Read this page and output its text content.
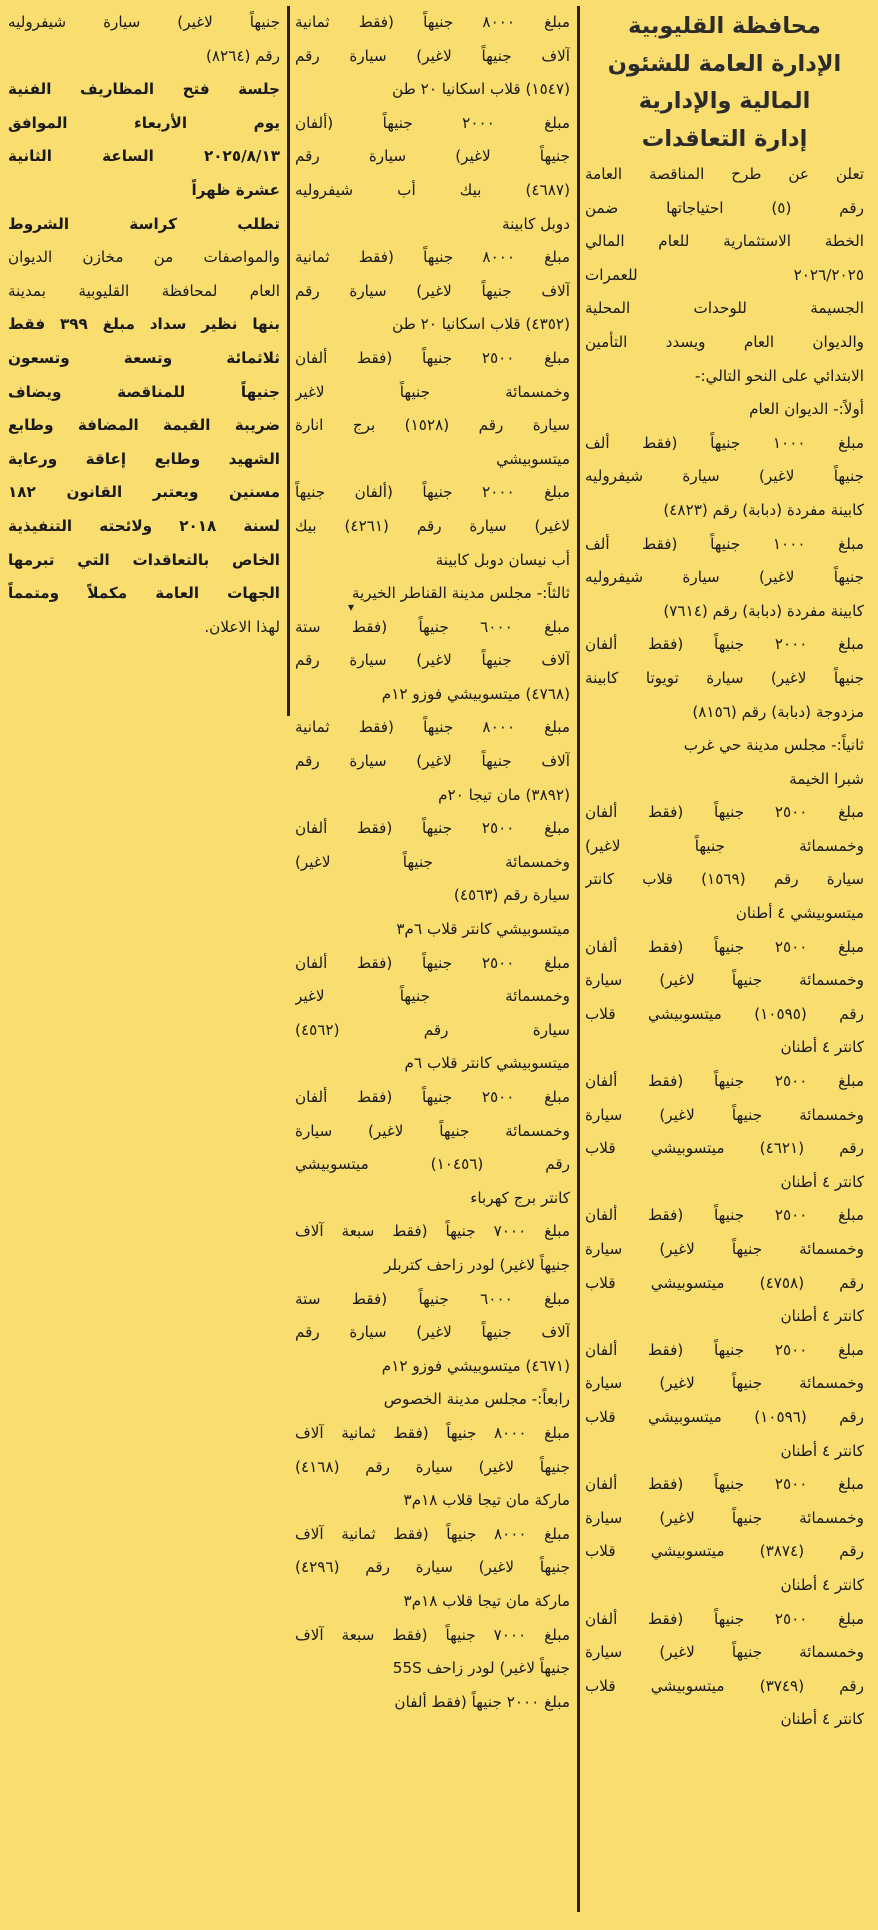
▾
محافظة القليوبية
الإدارة العامة للشئون
المالية والإدارية
إدارة التعاقدات
تعلن عن طرح المناقصة العامة
رقم (٥) احتياجاتها ضمن
الخطة الاستثمارية للعام المالي
٢٠٢٦/٢٠٢٥ للعمرات
الجسيمة للوحدات المحلية
والديوان العام ويسدد التأمين
الابتدائي على النحو التالي:-
أولاً:- الديوان العام
مبلغ ١٠٠٠ جنيهاً (فقط ألف
جنيهاً لاغير) سيارة شيفروليه
كابينة مفردة (دبابة) رقم (٤٨٢٣)
مبلغ ١٠٠٠ جنيهاً (فقط ألف
جنيهاً لاغير) سيارة شيفروليه
كابينة مفردة (دبابة) رقم (٧٦١٤)
مبلغ ٢٠٠٠ جنيهاً (فقط ألفان
جنيهاً لاغير) سيارة تويوتا كابينة
مزدوجة (دبابة) رقم (٨١٥٦)
ثانياً:- مجلس مدينة حي غرب
شبرا الخيمة
مبلغ ٢٥٠٠ جنيهاً (فقط ألفان
وخمسمائة جنيهاً لاغير)
سيارة رقم (١٥٦٩) قلاب كانتر
ميتسوبيشي ٤ أطنان
مبلغ ٢٥٠٠ جنيهاً (فقط ألفان
وخمسمائة جنيهاً لاغير) سيارة
رقم (١٠٥٩٥) ميتسوبيشي قلاب
كانتر ٤ أطنان
مبلغ ٢٥٠٠ جنيهاً (فقط ألفان
وخمسمائة جنيهاً لاغير) سيارة
رقم (٤٦٢١) ميتسوبيشي قلاب
كانتر ٤ أطنان
مبلغ ٢٥٠٠ جنيهاً (فقط ألفان
وخمسمائة جنيهاً لاغير) سيارة
رقم (٤٧٥٨) ميتسوبيشي قلاب
كانتر ٤ أطنان
مبلغ ٢٥٠٠ جنيهاً (فقط ألفان
وخمسمائة جنيهاً لاغير) سيارة
رقم (١٠٥٩٦) ميتسوبيشي قلاب
كانتر ٤ أطنان
مبلغ ٢٥٠٠ جنيهاً (فقط ألفان
وخمسمائة جنيهاً لاغير) سيارة
رقم (٣٨٧٤) ميتسوبيشي قلاب
كانتر ٤ أطنان
مبلغ ٢٥٠٠ جنيهاً (فقط ألفان
وخمسمائة جنيهاً لاغير) سيارة
رقم (٣٧٤٩) ميتسوبيشي قلاب
كانتر ٤ أطنان
مبلغ ٨٠٠٠ جنيهاً (فقط ثمانية
آلاف جنيهاً لاغير) سيارة رقم
(١٥٤٧) قلاب اسكانيا ٢٠ طن
مبلغ ٢٠٠٠ جنيهاً (ألفان
جنيهاً لاغير) سيارة رقم
(٤٦٨٧) بيك أب شيفروليه
دوبل كابينة
مبلغ ٨٠٠٠ جنيهاً (فقط ثمانية
آلاف جنيهاً لاغير) سيارة رقم
(٤٣٥٢) قلاب اسكانيا ٢٠ طن
مبلغ ٢٥٠٠ جنيهاً (فقط ألفان
وخمسمائة جنيهاً لاغير
سيارة رقم (١٥٢٨) برج انارة
ميتسوبيشي
مبلغ ٢٠٠٠ جنيهاً (ألفان جنيهاً
لاغير) سيارة رقم (٤٢٦١) بيك
أب نيسان دوبل كابينة
ثالثاً:- مجلس مدينة القناطر الخيرية
مبلغ ٦٠٠٠ جنيهاً (فقط ستة
آلاف جنيهاً لاغير) سيارة رقم
(٤٧٦٨) ميتسوبيشي فوزو ١٢م
مبلغ ٨٠٠٠ جنيهاً (فقط ثمانية
آلاف جنيهاً لاغير) سيارة رقم
(٣٨٩٢) مان تيجا ٢٠م
مبلغ ٢٥٠٠ جنيهاً (فقط ألفان
وخمسمائة جنيهاً لاغير)
سيارة رقم (٤٥٦٣)
ميتسوبيشي كانتر قلاب ٦م٣
مبلغ ٢٥٠٠ جنيهاً (فقط ألفان
وخمسمائة جنيهاً لاغير
سيارة رقم (٤٥٦٢)
ميتسوبيشي كانتر قلاب ٦م
مبلغ ٢٥٠٠ جنيهاً (فقط ألفان
وخمسمائة جنيهاً لاغير) سيارة
رقم (١٠٤٥٦) ميتسوبيشي
كانتر برج كهرباء
مبلغ ٧٠٠٠ جنيهاً (فقط سبعة آلاف
جنيهاً لاغير) لودر زاحف كتربلر
مبلغ ٦٠٠٠ جنيهاً (فقط ستة
آلاف جنيهاً لاغير) سيارة رقم
(٤٦٧١) ميتسوبيشي فوزو ١٢م
رابعاً:- مجلس مدينة الخصوص
مبلغ ٨٠٠٠ جنيهاً (فقط ثمانية آلاف
جنيهاً لاغير) سيارة رقم (٤١٦٨)
ماركة مان تيجا قلاب ١٨م٣
مبلغ ٨٠٠٠ جنيهاً (فقط ثمانية آلاف
جنيهاً لاغير) سيارة رقم (٤٢٩٦)
ماركة مان تيجا قلاب ١٨م٣
مبلغ ٧٠٠٠ جنيهاً (فقط سبعة آلاف
جنيهاً لاغير) لودر زاحف 55S
مبلغ ٢٠٠٠ جنيهاً (فقط ألفان
جنيهاً لاغير) سيارة شيفروليه
رقم (٨٢٦٤)
جلسة فتح المظاريف الفنية
يوم الأربعاء الموافق
٢٠٢٥/٨/١٣ الساعة الثانية
عشرة ظهراً
تطلب كراسة الشروط
والمواصفات من مخازن الديوان
العام لمحافظة القليوبية بمدينة
بنها نظير سداد مبلغ ٣٩٩ فقط
ثلاثمائة وتسعة وتسعون
جنيهاً للمناقصة ويضاف
ضريبة القيمة المضافة وطابع
الشهيد وطابع إعاقة ورعاية
مسنين ويعتبر القانون ١٨٢
لسنة ٢٠١٨ ولائحته التنفيذية
الخاص بالتعاقدات التي تبرمها
الجهات العامة مكملاً ومتمماً
لهذا الاعلان.
